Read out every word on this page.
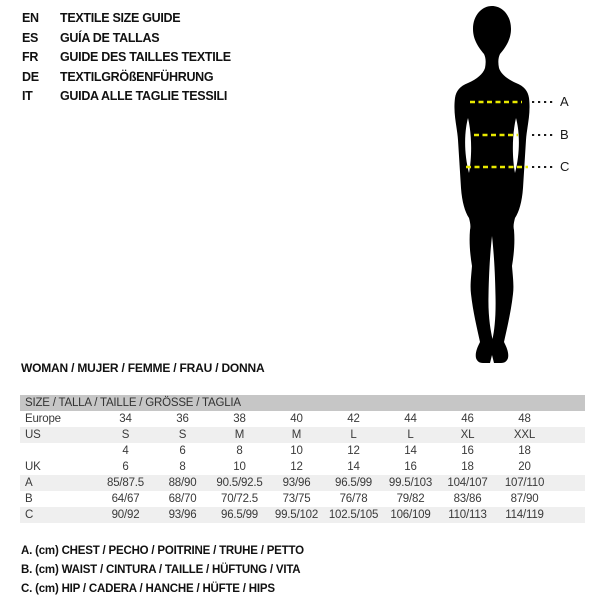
EN	TEXTILE SIZE GUIDE
ES	GUÍA DE TALLAS
FR	GUIDE DES TAILLES TEXTILE
DE	TEXTILGRÖßENFÜHRUNG
IT	GUIDA ALLE TAGLIE TESSILI	A
B
C
WOMAN / MUJER / FEMME / FRAU / DONNA
SIZE / TALLA / TAILLE / GRÖSSE / TAGLIA									
Europe	34	36	38	40	42	44	46	48	
US	S	S	M	M	L	L	XL	XXL	
	4	6	8	10	12	14	16	18	
UK	6	8	10	12	14	16	18	20	
A	85/87.5	88/90	90.5/92.5	93/96	96.5/99	99.5/103	104/107	107/110	
B	64/67	68/70	70/72.5	73/75	76/78	79/82	83/86	87/90	
C	90/92	93/96	96.5/99	99.5/102	102.5/105	106/109	110/113	114/119	
A. (cm) CHEST / PECHO / POITRINE / TRUHE / PETTO
B. (cm) WAIST / CINTURA / TAILLE / HÜFTUNG / VITA
C. (cm) HIP / CADERA / HANCHE / HÜFTE / HIPS
